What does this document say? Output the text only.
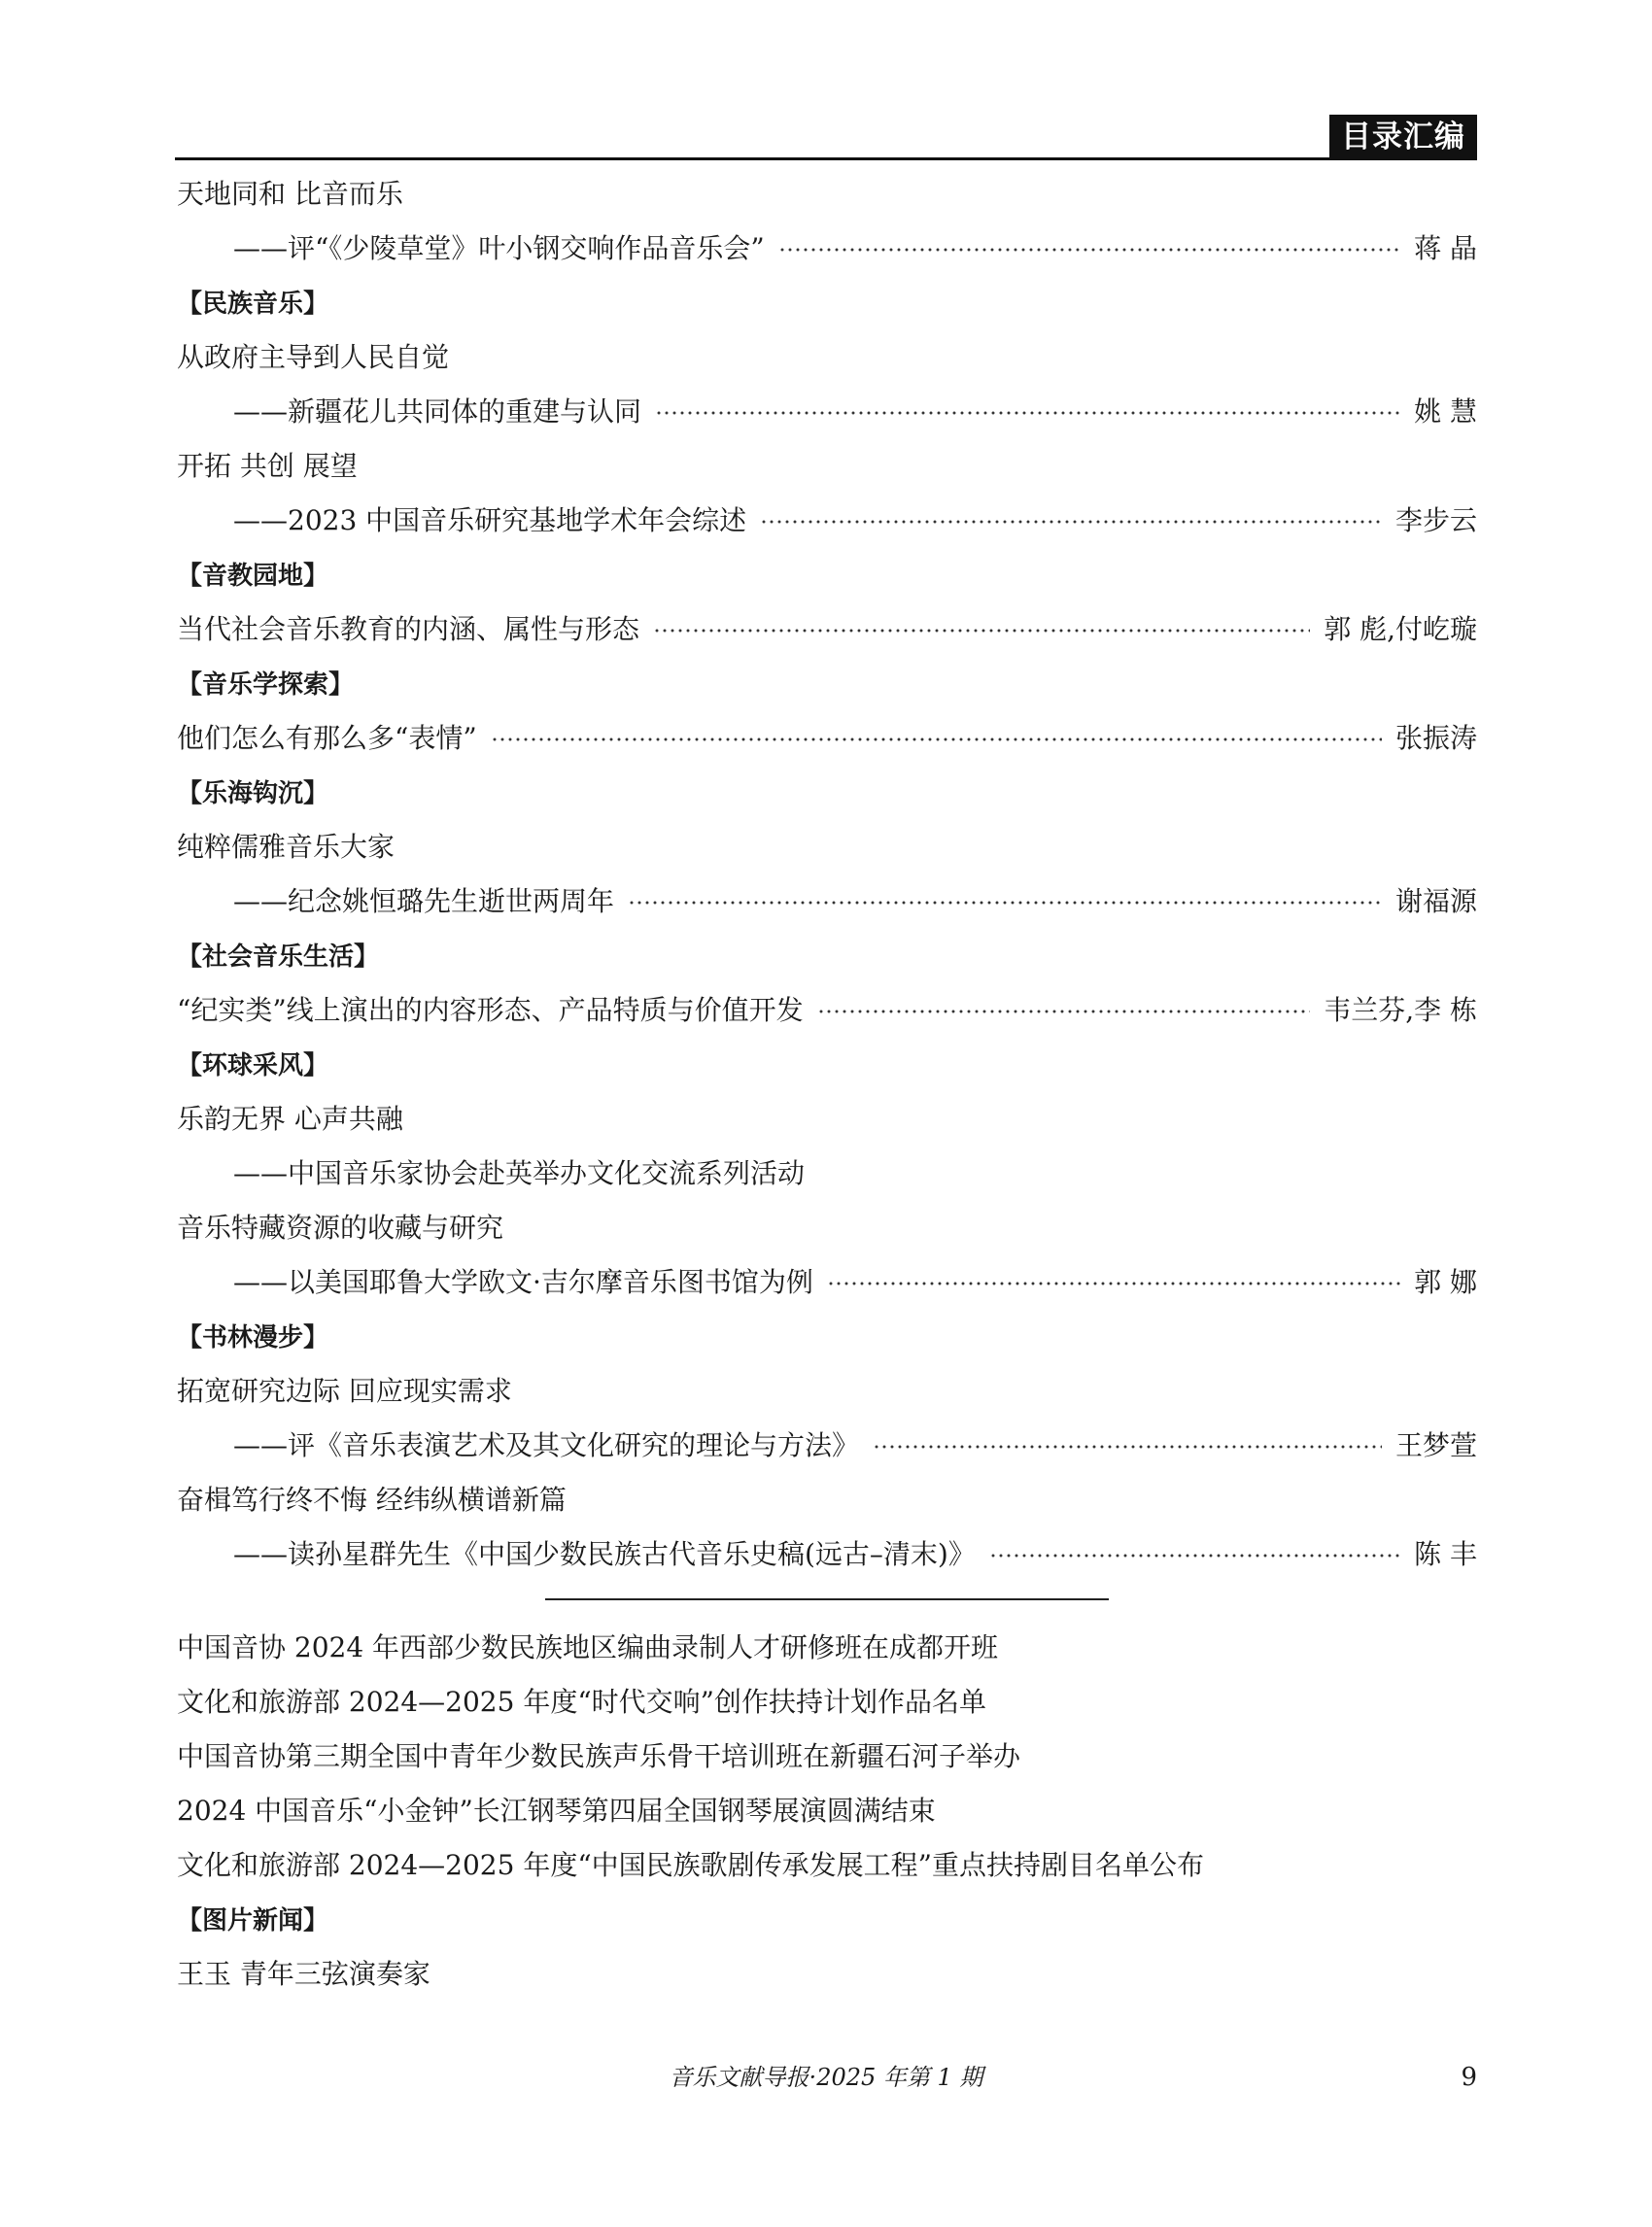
目录汇编
天地同和 比音而乐
——评“《少陵草堂》叶小钢交响作品音乐会”	蒋 晶
【民族音乐】
从政府主导到人民自觉
——新疆花儿共同体的重建与认同	姚 慧
开拓 共创 展望
——2023 中国音乐研究基地学术年会综述	李步云
【音教园地】
当代社会音乐教育的内涵、属性与形态	郭 彪,付屹璇
【音乐学探索】
他们怎么有那么多“表情”	张振涛
【乐海钩沉】
纯粹儒雅音乐大家
——纪念姚恒璐先生逝世两周年	谢福源
【社会音乐生活】
“纪实类”线上演出的内容形态、产品特质与价值开发	韦兰芬,李 栋
【环球采风】
乐韵无界 心声共融
——中国音乐家协会赴英举办文化交流系列活动
音乐特藏资源的收藏与研究
——以美国耶鲁大学欧文·吉尔摩音乐图书馆为例	郭 娜
【书林漫步】
拓宽研究边际 回应现实需求
——评《音乐表演艺术及其文化研究的理论与方法》	王梦萱
奋楫笃行终不悔 经纬纵横谱新篇
——读孙星群先生《中国少数民族古代音乐史稿(远古–清末)》	陈 丰
中国音协 2024 年西部少数民族地区编曲录制人才研修班在成都开班
文化和旅游部 2024—2025 年度“时代交响”创作扶持计划作品名单
中国音协第三期全国中青年少数民族声乐骨干培训班在新疆石河子举办
2024 中国音乐“小金钟”长江钢琴第四届全国钢琴展演圆满结束
文化和旅游部 2024—2025 年度“中国民族歌剧传承发展工程”重点扶持剧目名单公布
【图片新闻】
王玉 青年三弦演奏家
音乐文献导报·2025 年第 1 期	9
